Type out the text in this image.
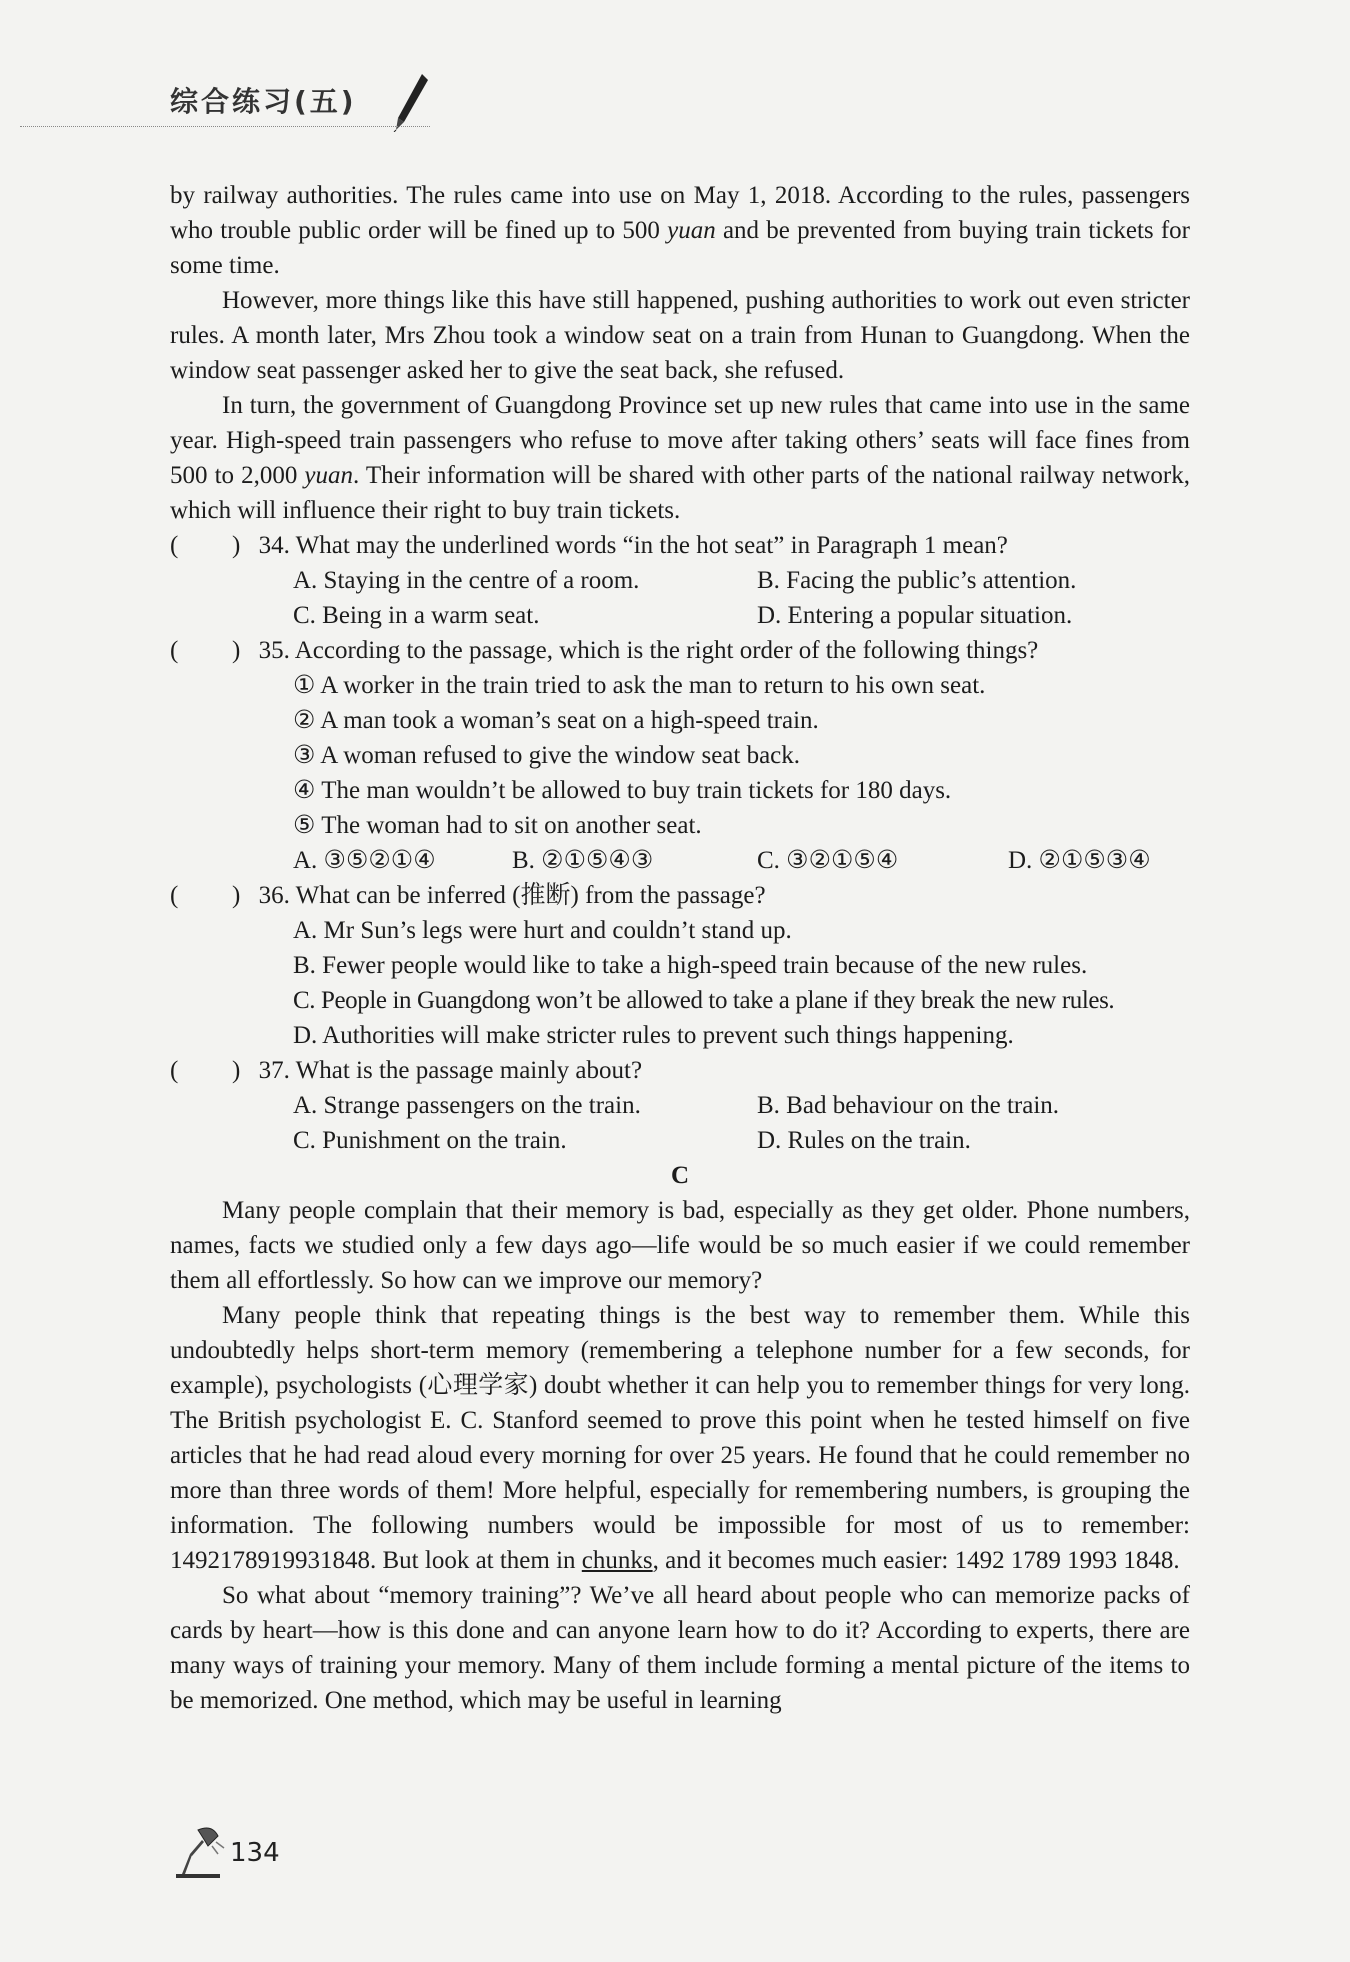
综合练习(五)

by railway authorities. The rules came into use on May 1, 2018. According to the rules, passengers who trouble public order will be fined up to 500 yuan and be prevented from buying train tickets for some time.

However, more things like this have still happened, pushing authorities to work out even stricter rules. A month later, Mrs Zhou took a window seat on a train from Hunan to Guangdong. When the window seat passenger asked her to give the seat back, she refused.

In turn, the government of Guangdong Province set up new rules that came into use in the same year. High-speed train passengers who refuse to move after taking others’ seats will face fines from 500 to 2,000 yuan. Their information will be shared with other parts of the national railway network, which will influence their right to buy train tickets.

( ) 34. What may the underlined words “in the hot seat” in Paragraph 1 mean?
A. Staying in the centre of a room.	B. Facing the public’s attention.
C. Being in a warm seat.	D. Entering a popular situation.
( ) 35. According to the passage, which is the right order of the following things?
① A worker in the train tried to ask the man to return to his own seat.
② A man took a woman’s seat on a high-speed train.
③ A woman refused to give the window seat back.
④ The man wouldn’t be allowed to buy train tickets for 180 days.
⑤ The woman had to sit on another seat.
A. ③⑤②①④	B. ②①⑤④③	C. ③②①⑤④	D. ②①⑤③④
( ) 36. What can be inferred (推断) from the passage?
A. Mr Sun’s legs were hurt and couldn’t stand up.
B. Fewer people would like to take a high-speed train because of the new rules.
C. People in Guangdong won’t be allowed to take a plane if they break the new rules.
D. Authorities will make stricter rules to prevent such things happening.
( ) 37. What is the passage mainly about?
A. Strange passengers on the train.	B. Bad behaviour on the train.
C. Punishment on the train.	D. Rules on the train.
C

Many people complain that their memory is bad, especially as they get older. Phone numbers, names, facts we studied only a few days ago—life would be so much easier if we could remember them all effortlessly. So how can we improve our memory?

Many people think that repeating things is the best way to remember them. While this undoubtedly helps short-term memory (remembering a telephone number for a few seconds, for example), psychologists (心理学家) doubt whether it can help you to remember things for very long. The British psychologist E. C. Stanford seemed to prove this point when he tested himself on five articles that he had read aloud every morning for over 25 years. He found that he could remember no more than three words of them! More helpful, especially for remembering numbers, is grouping the information. The following numbers would be impossible for most of us to remember: 1492178919931848. But look at them in chunks, and it becomes much easier: 1492 1789 1993 1848.

So what about “memory training”? We’ve all heard about people who can memorize packs of cards by heart—how is this done and can anyone learn how to do it? According to experts, there are many ways of training your memory. Many of them include forming a mental picture of the items to be memorized. One method, which may be useful in learning

134
